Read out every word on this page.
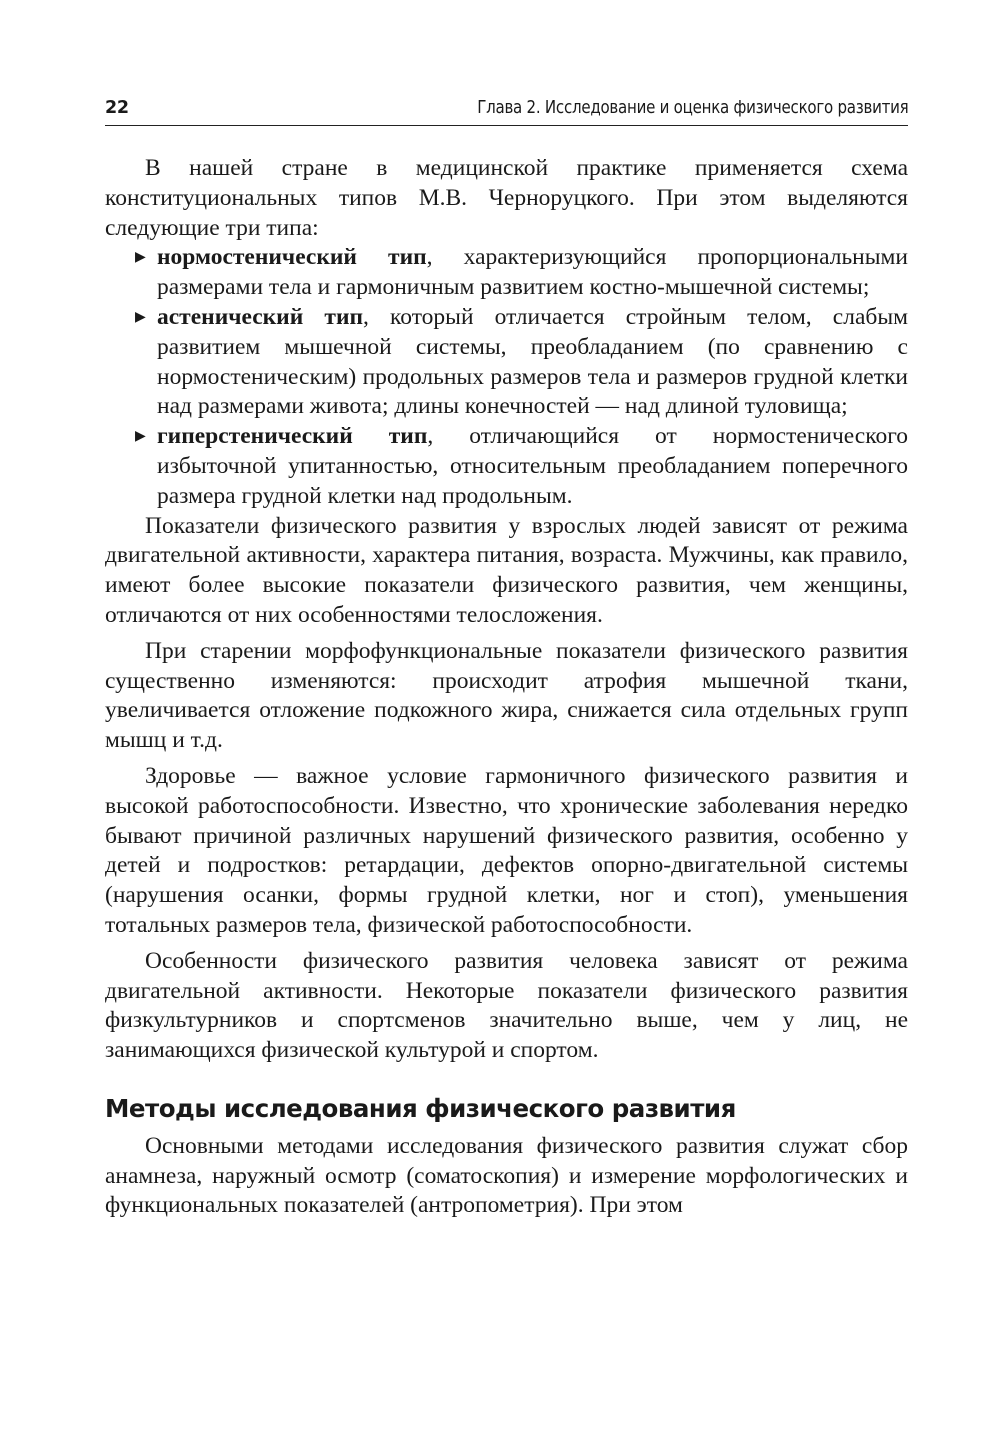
22	Глава 2. Исследование и оценка физического развития

В нашей стране в медицинской практике применяется схема конституциональных типов М.В. Черноруцкого. При этом выделяются следующие три типа:

▶ нормостенический тип, характеризующийся пропорциональными размерами тела и гармоничным развитием костно-мышечной системы;
▶ астенический тип, который отличается стройным телом, слабым развитием мышечной системы, преобладанием (по сравнению с нормостеническим) продольных размеров тела и размеров грудной клетки над размерами живота; длины конечностей — над длиной туловища;
▶ гиперстенический тип, отличающийся от нормостенического избыточной упитанностью, относительным преобладанием поперечного размера грудной клетки над продольным.

Показатели физического развития у взрослых людей зависят от режима двигательной активности, характера питания, возраста. Мужчины, как правило, имеют более высокие показатели физического развития, чем женщины, отличаются от них особенностями телосложения.

При старении морфофункциональные показатели физического развития существенно изменяются: происходит атрофия мышечной ткани, увеличивается отложение подкожного жира, снижается сила отдельных групп мышц и т.д.

Здоровье — важное условие гармоничного физического развития и высокой работоспособности. Известно, что хронические заболевания нередко бывают причиной различных нарушений физического развития, особенно у детей и подростков: ретардации, дефектов опорно-двигательной системы (нарушения осанки, формы грудной клетки, ног и стоп), уменьшения тотальных размеров тела, физической работоспособности.

Особенности физического развития человека зависят от режима двигательной активности. Некоторые показатели физического развития физкультурников и спортсменов значительно выше, чем у лиц, не занимающихся физической культурой и спортом.

Методы исследования физического развития

Основными методами исследования физического развития служат сбор анамнеза, наружный осмотр (соматоскопия) и измерение морфологических и функциональных показателей (антропометрия). При этом
